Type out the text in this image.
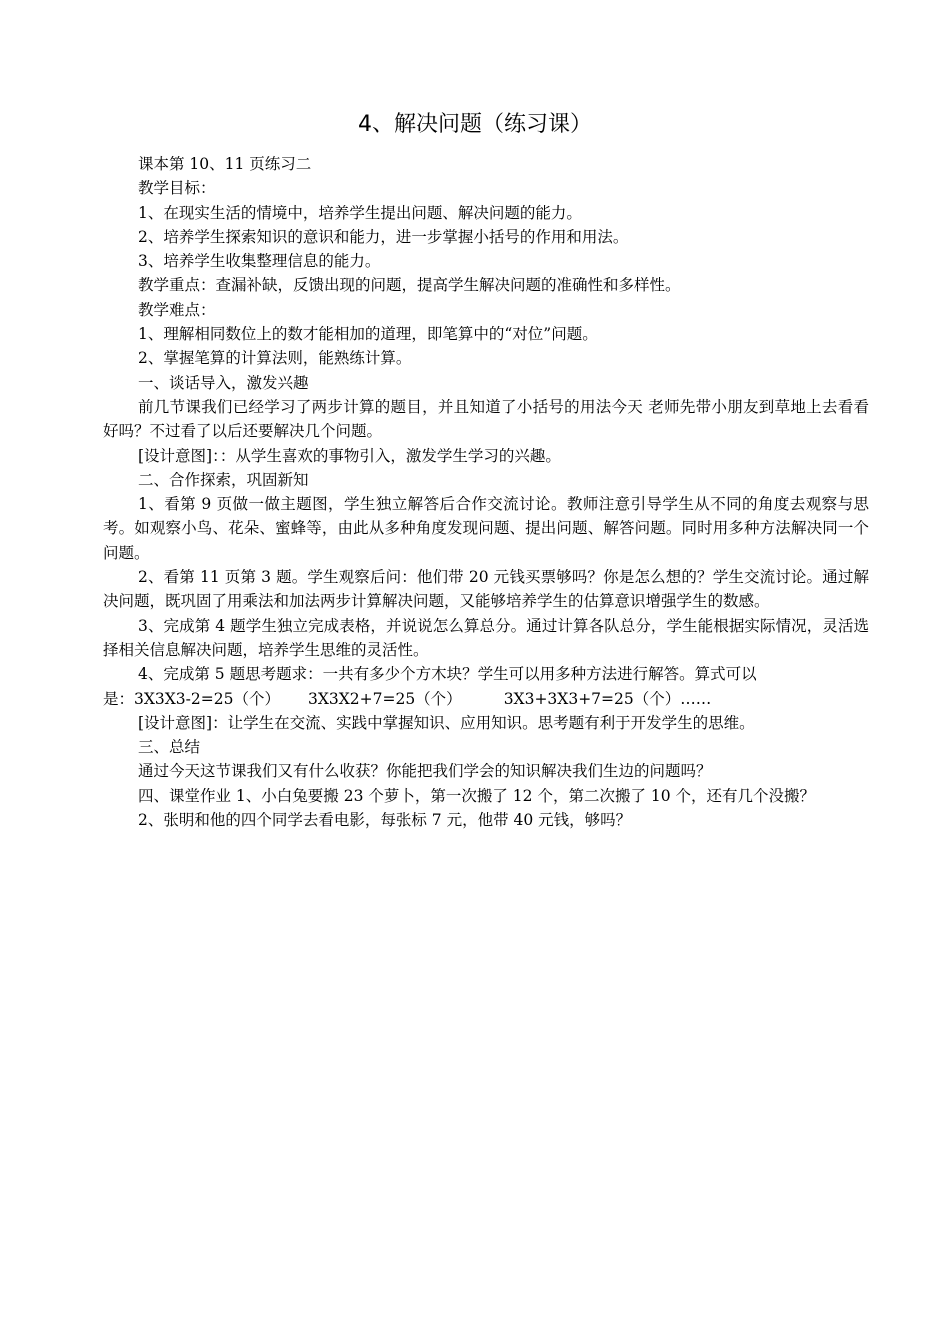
4、解决问题（练习课）

课本第 10、11 页练习二

教学目标：

1、在现实生活的情境中，培养学生提出问题、解决问题的能力。

2、培养学生探索知识的意识和能力，进一步掌握小括号的作用和用法。

3、培养学生收集整理信息的能力。

教学重点：查漏补缺，反馈出现的问题，提高学生解决问题的准确性和多样性。

教学难点：

1、理解相同数位上的数才能相加的道理，即笔算中的“对位”问题。

2、掌握笔算的计算法则，能熟练计算。

一、谈话导入，激发兴趣

前几节课我们已经学习了两步计算的题目，并且知道了小括号的用法今天 老师先带小朋友到草地上去看看好吗？不过看了以后还要解决几个问题。

[设计意图]：：从学生喜欢的事物引入，激发学生学习的兴趣。

二、合作探索，巩固新知

1、看第 9 页做一做主题图，学生独立解答后合作交流讨论。教师注意引导学生从不同的角度去观察与思考。如观察小鸟、花朵、蜜蜂等，由此从多种角度发现问题、提出问题、解答问题。同时用多种方法解决同一个问题。

2、看第 11 页第 3 题。学生观察后问：他们带 20 元钱买票够吗？你是怎么想的？学生交流讨论。通过解决问题，既巩固了用乘法和加法两步计算解决问题，又能够培养学生的估算意识增强学生的数感。

3、完成第 4 题学生独立完成表格，并说说怎么算总分。通过计算各队总分，学生能根据实际情况，灵活选择相关信息解决问题，培养学生思维的灵活性。

4、完成第 5 题思考题求：一共有多少个方木块？学生可以用多种方法进行解答。算式可以

是：3X3X3-2=25（个） 3X3X2+7=25（个）	3X3+3X3+7=25（个）……

[设计意图]：让学生在交流、实践中掌握知识、应用知识。思考题有利于开发学生的思维。

三、总结

通过今天这节课我们又有什么收获？你能把我们学会的知识解决我们生边的问题吗？

四、课堂作业 1、小白兔要搬 23 个萝卜，第一次搬了 12 个，第二次搬了 10 个，还有几个没搬？

2、张明和他的四个同学去看电影，每张标 7 元，他带 40 元钱，够吗？
